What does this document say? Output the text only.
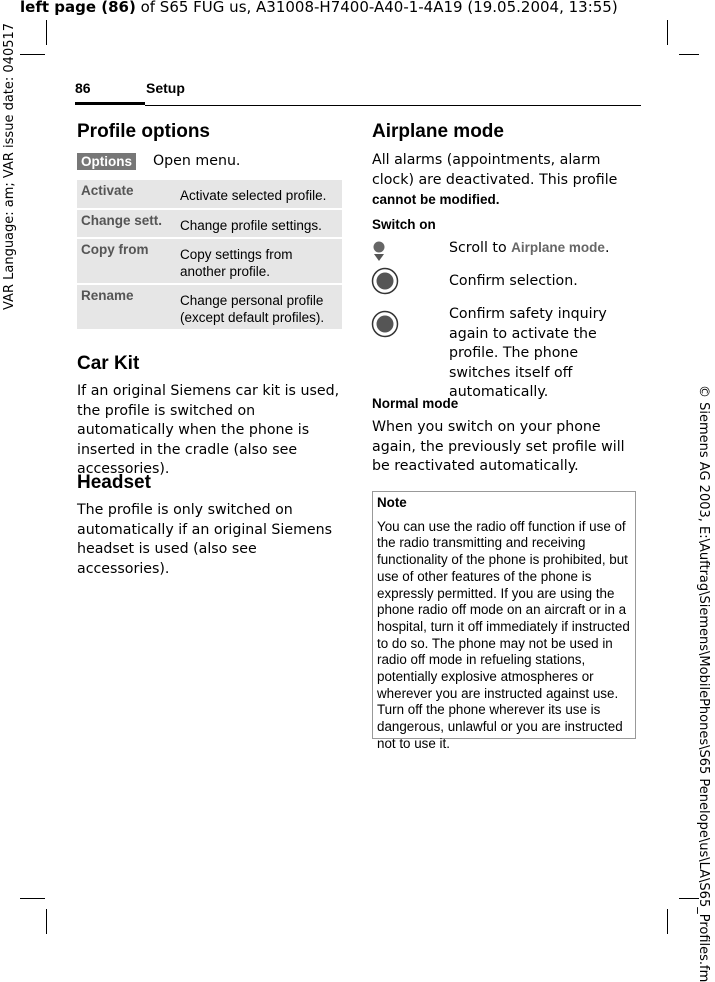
left page (86) of S65 FUG us, A31008-H7400-A40-1-4A19 (19.05.2004, 13:55)
VAR Language: am; VAR issue date: 040517
© Siemens AG 2003, E:\Auftrag\Siemens\MobilePhones\S65 Penelope\us\LA\S65_Profiles.fm
86	Setup
Profile options
Options Open menu.
Activate	Activate selected profile.
Change sett.	Change profile settings.
Copy from	Copy settings from another profile.
Rename	Change personal profile (except default profiles).
Car Kit
If an original Siemens car kit is used, the profile is switched on automatically when the phone is inserted in the cradle (also see accessories).
Headset
The profile is only switched on automatically if an original Siemens headset is used (also see accessories).
Airplane mode
All alarms (appointments, alarm clock) are deactivated. This profile cannot be modified.
Switch on
Scroll to Airplane mode.
Confirm selection.
Confirm safety inquiry again to activate the profile. The phone switches itself off automatically.
Normal mode
When you switch on your phone again, the previously set profile will be reactivated automatically.
Note
You can use the radio off function if use of the radio transmitting and receiving functionality of the phone is prohibited, but use of other features of the phone is expressly permitted. If you are using the phone radio off mode on an aircraft or in a hospital, turn it off immediately if instructed to do so. The phone may not be used in radio off mode in refueling stations, potentially explosive atmospheres or wherever you are instructed against use. Turn off the phone wherever its use is dangerous, unlawful or you are instructed not to use it.
